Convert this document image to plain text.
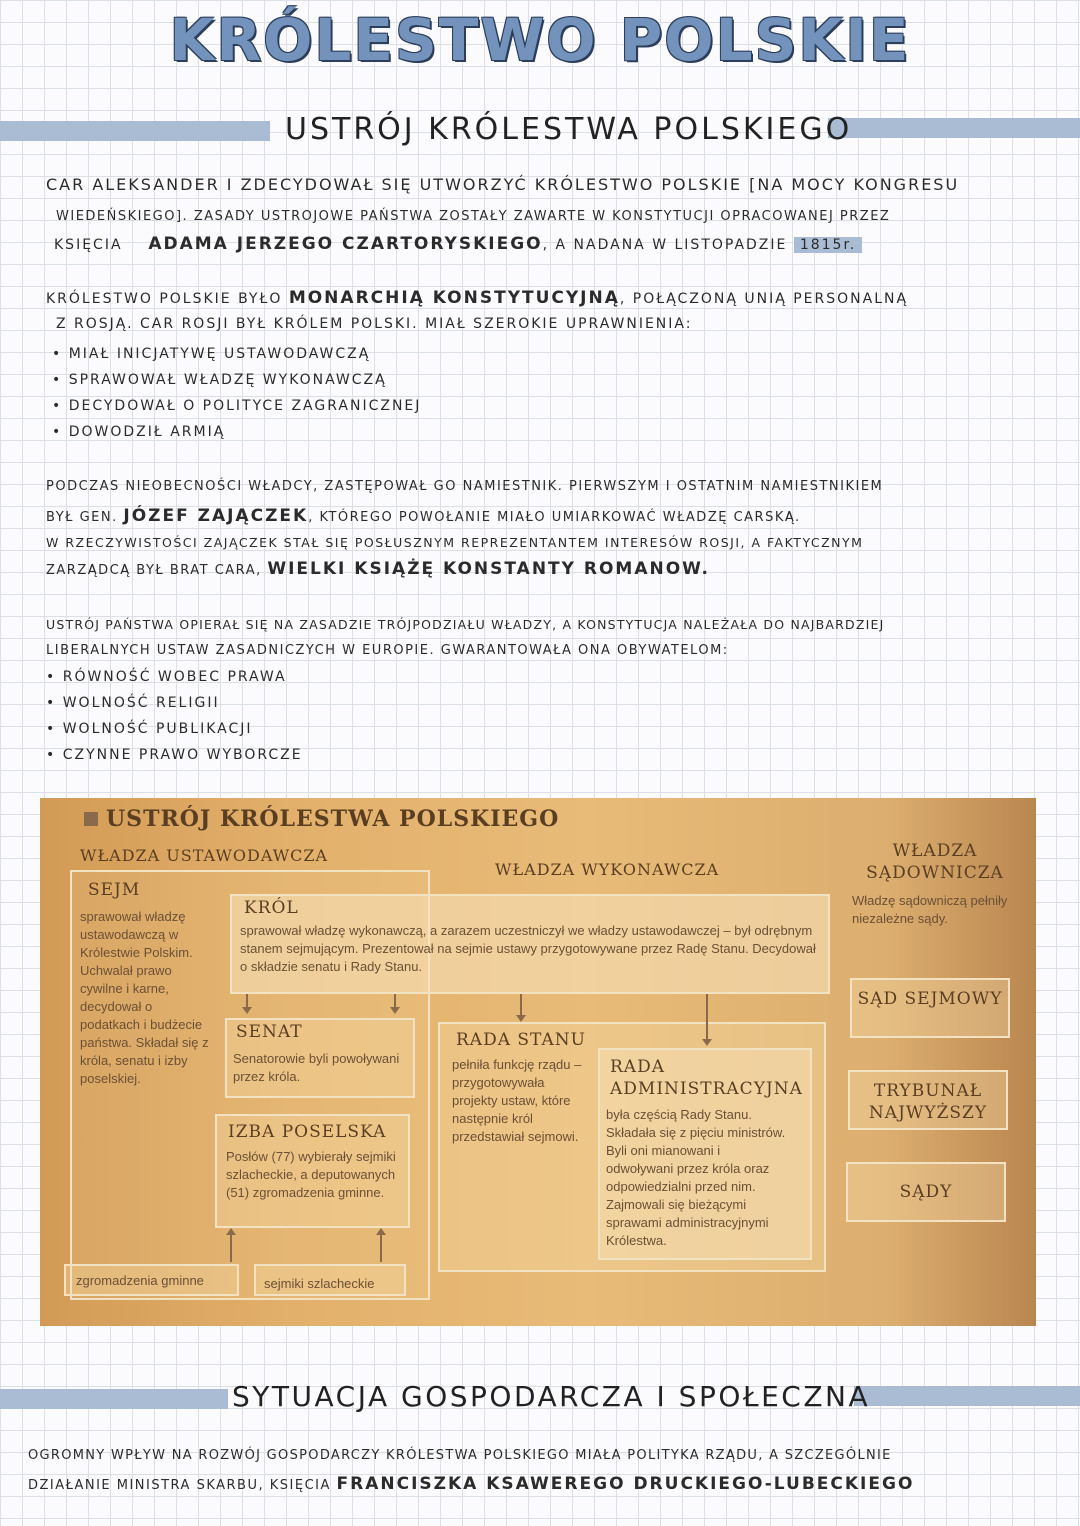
KRÓLESTWO POLSKIE
USTRÓJ KRÓLESTWA POLSKIEGO
CAR ALEKSANDER I ZDECYDOWAŁ SIĘ UTWORZYĆ KRÓLESTWO POLSKIE [NA MOCY KONGRESU
WIEDEŃSKIEGO]. ZASADY USTROJOWE PAŃSTWA ZOSTAŁY ZAWARTE W KONSTYTUCJI OPRACOWANEJ PRZEZ
KSIĘCIA ADAMA JERZEGO CZARTORYSKIEGO, A NADANA W LISTOPADZIE 1815r.
KRÓLESTWO POLSKIE BYŁO MONARCHIĄ KONSTYTUCYJNĄ, POŁĄCZONĄ UNIĄ PERSONALNĄ
Z ROSJĄ. CAR ROSJI BYŁ KRÓLEM POLSKI. MIAŁ SZEROKIE UPRAWNIENIA:
• MIAŁ INICJATYWĘ USTAWODAWCZĄ
• SPRAWOWAŁ WŁADZĘ WYKONAWCZĄ
• DECYDOWAŁ O POLITYCE ZAGRANICZNEJ
• DOWODZIŁ ARMIĄ
PODCZAS NIEOBECNOŚCI WŁADCY, ZASTĘPOWAŁ GO NAMIESTNIK. PIERWSZYM I OSTATNIM NAMIESTNIKIEM
BYŁ GEN. JÓZEF ZAJĄCZEK, KTÓREGO POWOŁANIE MIAŁO UMIARKOWAĆ WŁADZĘ CARSKĄ.
W RZECZYWISTOŚCI ZAJĄCZEK STAŁ SIĘ POSŁUSZNYM REPREZENTANTEM INTERESÓW ROSJI, A FAKTYCZNYM
ZARZĄDCĄ BYŁ BRAT CARA, WIELKI KSIĄŻĘ KONSTANTY ROMANOW.
USTRÓJ PAŃSTWA OPIERAŁ SIĘ NA ZASADZIE TRÓJPODZIAŁU WŁADZY, A KONSTYTUCJA NALEŻAŁA DO NAJBARDZIEJ
LIBERALNYCH USTAW ZASADNICZYCH W EUROPIE. GWARANTOWAŁA ONA OBYWATELOM:
• RÓWNOŚĆ WOBEC PRAWA
• WOLNOŚĆ RELIGII
• WOLNOŚĆ PUBLIKACJI
• CZYNNE PRAWO WYBORCZE
USTRÓJ KRÓLESTWA POLSKIEGO
WŁADZA USTAWODAWCZA
WŁADZA WYKONAWCZA
WŁADZA SĄDOWNICZA
Władzę sądowniczą pełniły niezależne sądy.
SEJM
sprawował władzę ustawodawczą w Królestwie Polskim. Uchwalał prawo cywilne i karne, decydował o podatkach i budżecie państwa. Składał się z króla, senatu i izby poselskiej.
KRÓL
sprawował władzę wykonawczą, a zarazem uczestniczył we władzy ustawodawczej – był odrębnym stanem sejmującym. Prezentował na sejmie ustawy przygotowywane przez Radę Stanu. Decydował o składzie senatu i Rady Stanu.
SENAT
Senatorowie byli powoływani przez króla.
IZBA POSELSKA
Posłów (77) wybierały sejmiki szlacheckie, a deputowanych (51) zgromadzenia gminne.
zgromadzenia gminne	sejmiki szlacheckie
RADA STANU
pełniła funkcję rządu – przygotowywała projekty ustaw, które następnie król przedstawiał sejmowi.
RADA ADMINISTRACYJNA
była częścią Rady Stanu. Składała się z pięciu ministrów. Byli oni mianowani i odwoływani przez króla oraz odpowiedzialni przed nim. Zajmowali się bieżącymi sprawami administracyjnymi Królestwa.
SĄD SEJMOWY
TRYBUNAŁ NAJWYŻSZY
SĄDY
SYTUACJA GOSPODARCZA I SPOŁECZNA
OGROMNY WPŁYW NA ROZWÓJ GOSPODARCZY KRÓLESTWA POLSKIEGO MIAŁA POLITYKA RZĄDU, A SZCZEGÓLNIE
DZIAŁANIE MINISTRA SKARBU, KSIĘCIA FRANCISZKA KSAWEREGO DRUCKIEGO-LUBECKIEGO
